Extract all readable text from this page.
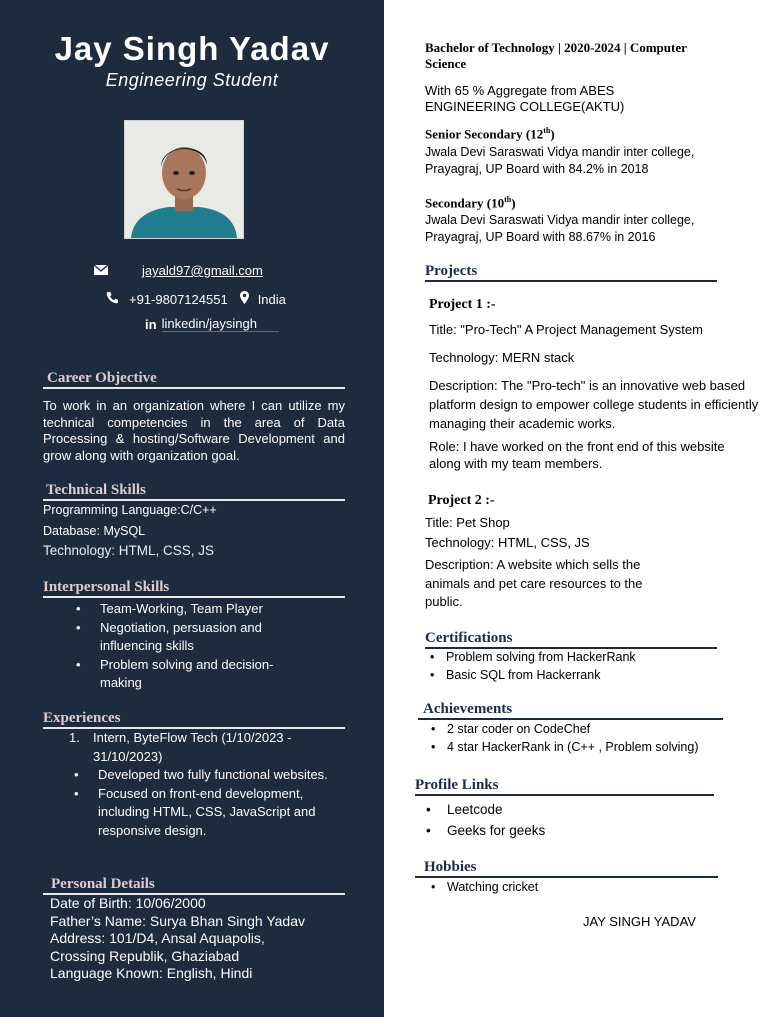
Jay Singh Yadav
Engineering Student
jayald97@gmail.com
+91-9807124551 India
in linkedin/jaysingh
Career Objective
To work in an organization where I can utilize my technical competencies in the area of Data Processing & hosting/Software Development and grow along with organization goal.
Technical Skills
Programming Language:C/C++
Database: MySQL
Technology: HTML, CSS, JS
Interpersonal Skills
• Team-Working, Team Player
• Negotiation, persuasion and influencing skills
• Problem solving and decision-making
Experiences
1.	Intern, ByteFlow Tech (1/10/2023 - 31/10/2023)
• Developed two fully functional websites.
• Focused on front-end development, including HTML, CSS, JavaScript and responsive design.
Personal Details
Date of Birth: 10/06/2000
Father’s Name: Surya Bhan Singh Yadav
Address: 101/D4, Ansal Aquapolis, Crossing Republik, Ghaziabad
Language Known: English, Hindi
Bachelor of Technology | 2020-2024 | Computer Science
With 65 % Aggregate from ABES ENGINEERING COLLEGE(AKTU)
Senior Secondary (12th)
Jwala Devi Saraswati Vidya mandir inter college, Prayagraj, UP Board with 84.2% in 2018
Secondary (10th)
Jwala Devi Saraswati Vidya mandir inter college, Prayagraj, UP Board with 88.67% in 2016
Projects
Project 1 :-
Title: "Pro-Tech" A Project Management System
Technology: MERN stack
Description: The "Pro-tech" is an innovative web based platform design to empower college students in efficiently managing their academic works.
Role: I have worked on the front end of this website along with my team members.
Project 2 :-
Title: Pet Shop
Technology: HTML, CSS, JS
Description: A website which sells the animals and pet care resources to the public.
Certifications
• Problem solving from HackerRank
• Basic SQL from Hackerrank
Achievements
• 2 star coder on CodeChef
• 4 star HackerRank in (C++ , Problem solving)
Profile Links
• Leetcode
• Geeks for geeks
Hobbies
• Watching cricket
JAY SINGH YADAV
